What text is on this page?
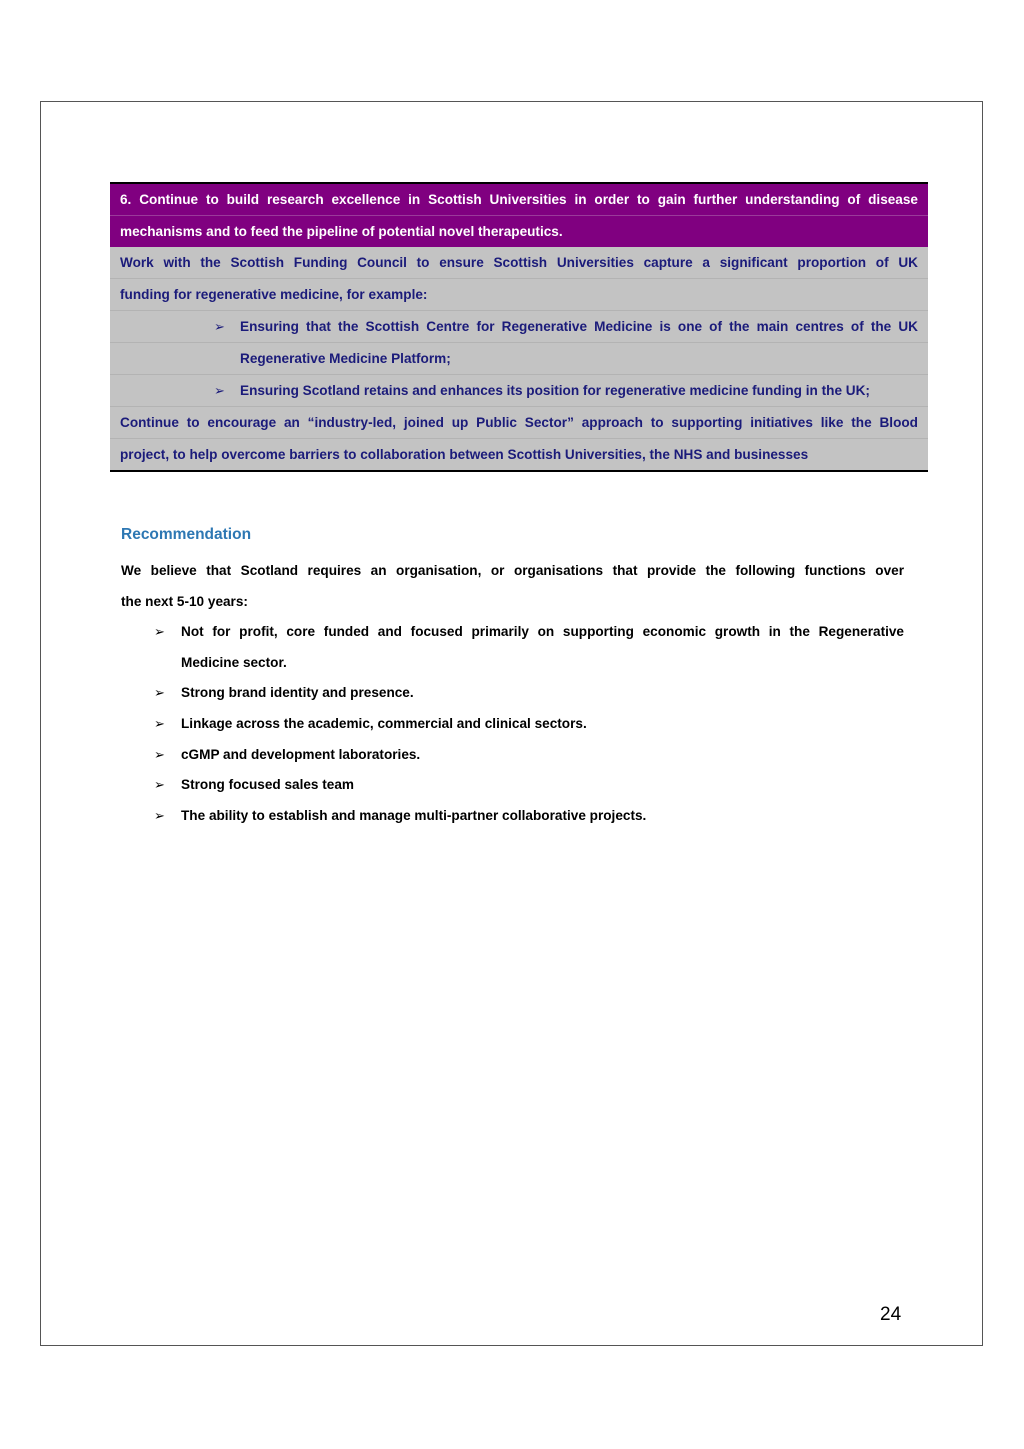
6. Continue to build research excellence in Scottish Universities in order to gain further understanding of disease
mechanisms and to feed the pipeline of potential novel therapeutics.
Work with the Scottish Funding Council to ensure Scottish Universities capture a significant proportion of UK
funding for regenerative medicine, for example:
➢ Ensuring that the Scottish Centre for Regenerative Medicine is one of the main centres of the UK
Regenerative Medicine Platform;
➢ Ensuring Scotland retains and enhances its position for regenerative medicine funding in the UK;
Continue to encourage an “industry-led, joined up Public Sector” approach to supporting initiatives like the Blood
project, to help overcome barriers to collaboration between Scottish Universities, the NHS and businesses
Recommendation
We believe that Scotland requires an organisation, or organisations that provide the following functions over
the next 5-10 years:
➢ Not for profit, core funded and focused primarily on supporting economic growth in the Regenerative
Medicine sector.
➢ Strong brand identity and presence.
➢ Linkage across the academic, commercial and clinical sectors.
➢ cGMP and development laboratories.
➢ Strong focused sales team
➢ The ability to establish and manage multi-partner collaborative projects.
24
